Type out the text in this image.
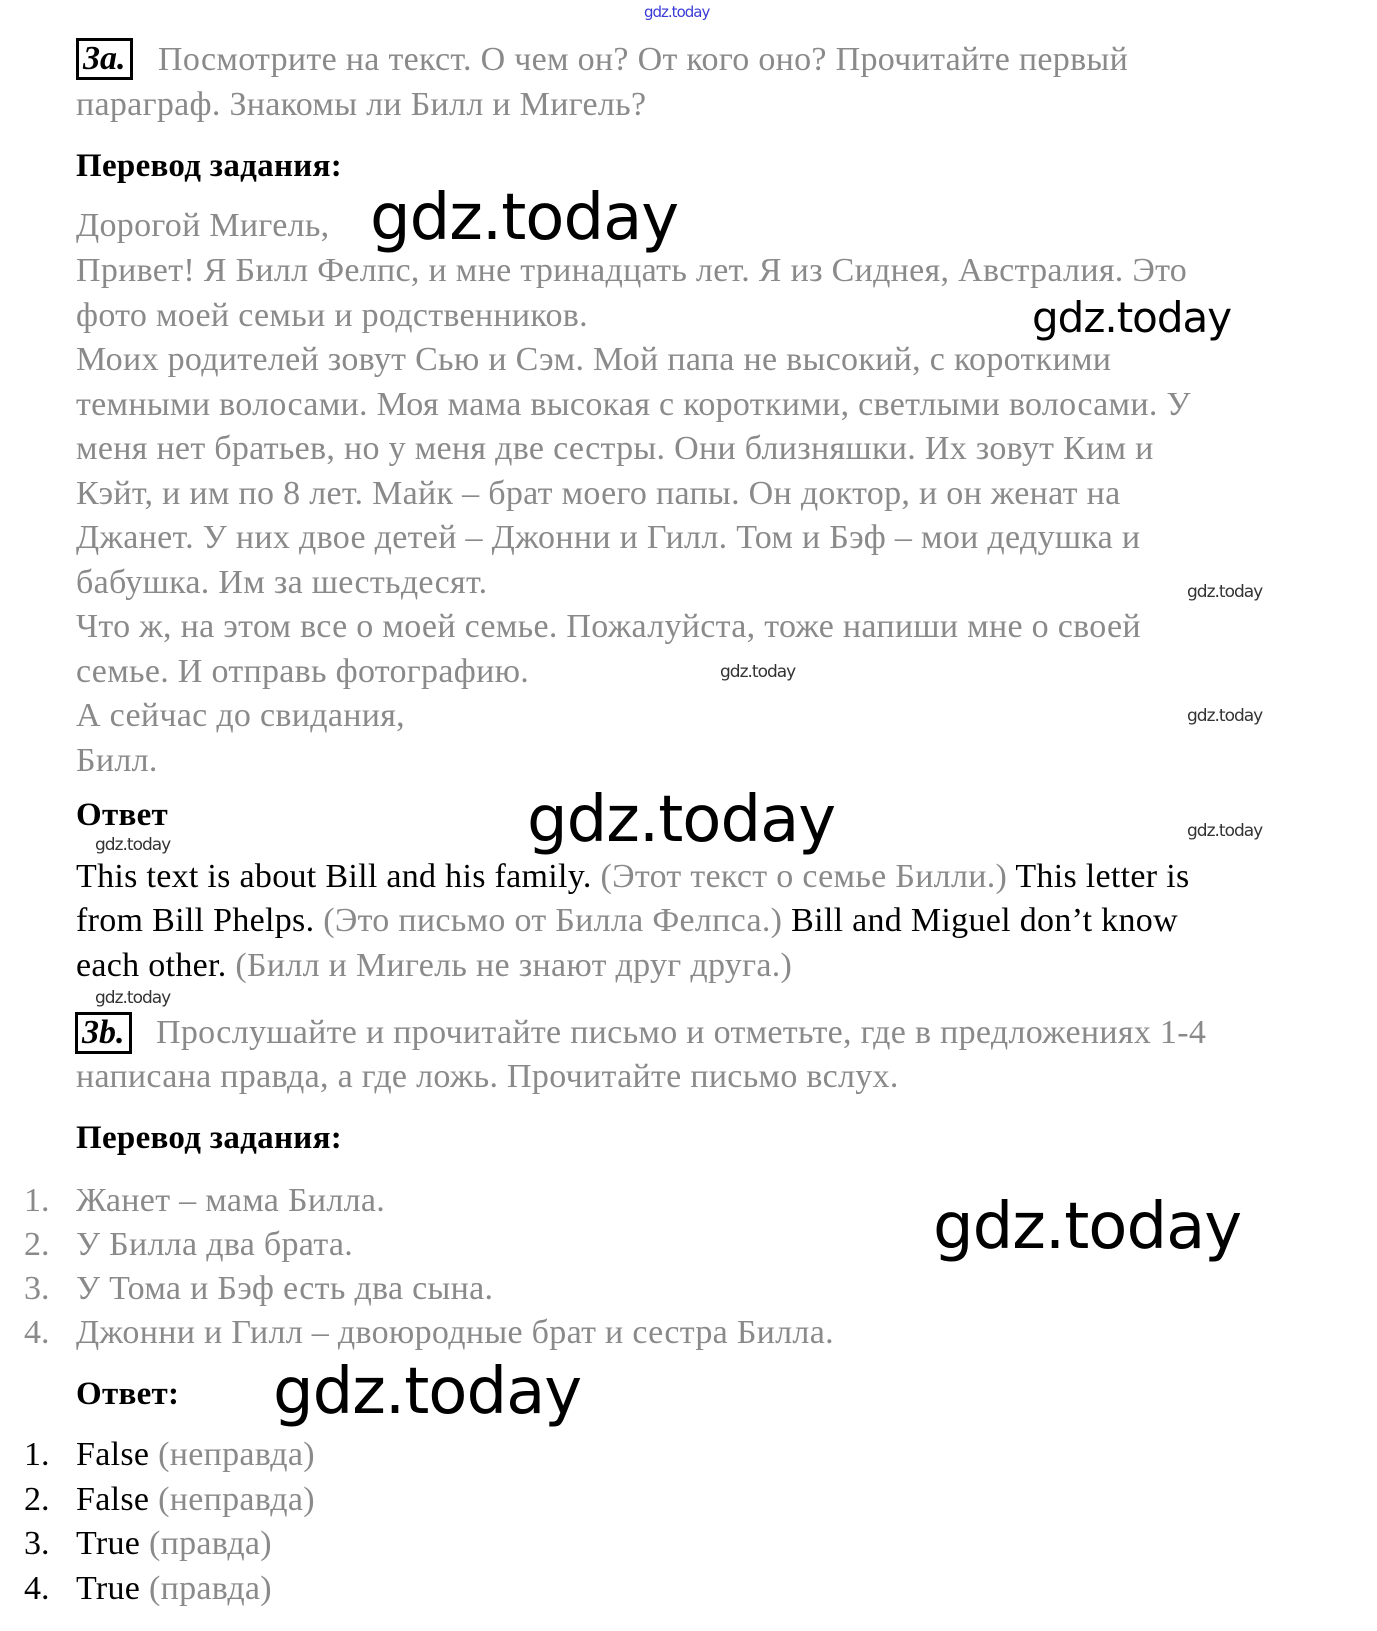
gdz.today
gdz.today
gdz.today
gdz.today
gdz.today
gdz.today
gdz.today	gdz.today
gdz.today
gdz.today
gdz.today
gdz.today
3a. Посмотрите на текст. О чем он? От кого оно? Прочитайте первый
параграф. Знакомы ли Билл и Мигель?
Перевод задания:
Дорогой Мигель,
Привет! Я Билл Фелпс, и мне тринадцать лет. Я из Сиднея, Австралия. Это
фото моей семьи и родственников.
Моих родителей зовут Сью и Сэм. Мой папа не высокий, с короткими
темными волосами. Моя мама высокая с короткими, светлыми волосами. У
меня нет братьев, но у меня две сестры. Они близняшки. Их зовут Ким и
Кэйт, и им по 8 лет. Майк – брат моего папы. Он доктор, и он женат на
Джанет. У них двое детей – Джонни и Гилл. Том и Бэф – мои дедушка и
бабушка. Им за шестьдесят.
Что ж, на этом все о моей семье. Пожалуйста, тоже напиши мне о своей
семье. И отправь фотографию.
А сейчас до свидания,
Билл.
Ответ
This text is about Bill and his family. (Этот текст о семье Билли.) This letter is
from Bill Phelps. (Это письмо от Билла Фелпса.) Bill and Miguel don’t know
each other. (Билл и Мигель не знают друг друга.)
3b. Прослушайте и прочитайте письмо и отметьте, где в предложениях 1-4
написана правда, а где ложь. Прочитайте письмо вслух.
Перевод задания:
1. Жанет – мама Билла.
2. У Билла два брата.
3. У Тома и Бэф есть два сына.
4. Джонни и Гилл – двоюродные брат и сестра Билла.
Ответ:
1. False (неправда)
2. False (неправда)
3. True (правда)
4. True (правда)
